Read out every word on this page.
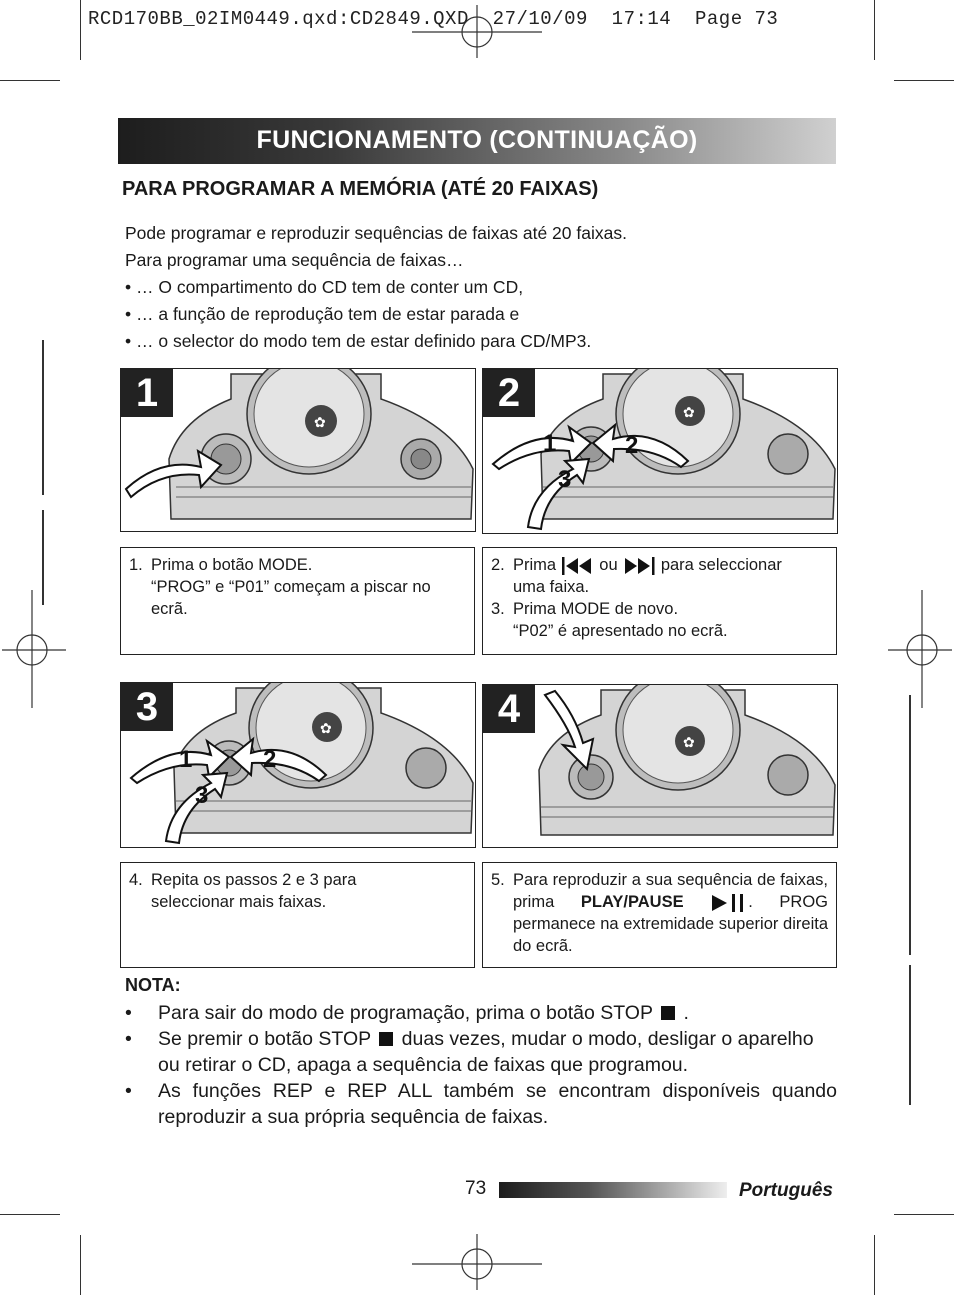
RCD170BB_02IM0449.qxd:CD2849.QXD  27/10/09  17:14  Page 73
FUNCIONAMENTO (CONTINUAÇÃO)
PARA PROGRAMAR A MEMÓRIA (ATÉ 20 FAIXAS)
Pode programar e reproduzir sequências de faixas até 20 faixas.
Para programar uma sequência de faixas…
• … O compartimento do CD tem de conter um CD,
• … a função de reprodução tem de estar parada e
• … o selector do modo tem de estar definido para CD/MP3.
✿
1	✿
1	2
3
2
✿
1	2
3
3
✿
4
1. Prima o botão MODE.
“PROG” e “P01” começam a piscar no ecrã.
2. Prima	ou	para seleccionar
uma faixa.
3. Prima MODE de novo.
“P02” é apresentado no ecrã.
4. Repita os passos 2 e 3 para seleccionar mais faixas.
5. Para reproduzir a sua sequência de faixas, prima PLAY/PAUSE	. PROG permanece na extremidade superior direita do ecrã.
NOTA:
•	Para sair do modo de programação, prima o botão STOP .
•	Se premir o botão STOP duas vezes, mudar o modo, desligar o aparelho ou retirar o CD, apaga a sequência de faixas que programou.
•	As funções REP e REP ALL também se encontram disponíveis quando reproduzir a sua própria sequência de faixas.
73	Português
